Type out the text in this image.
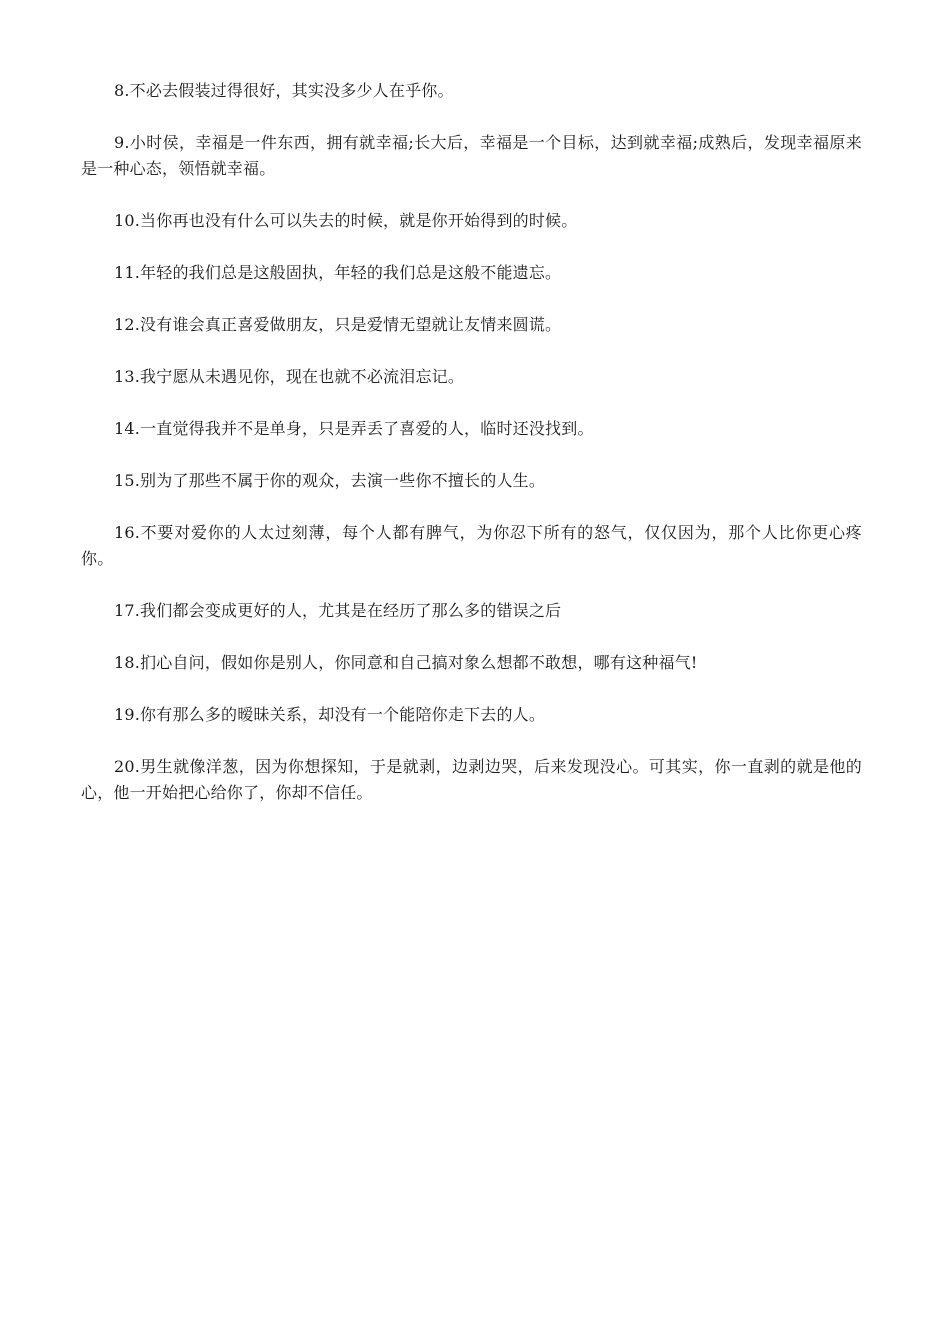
8.不必去假装过得很好，其实没多少人在乎你。

9.小时侯，幸福是一件东西，拥有就幸福;长大后，幸福是一个目标，达到就幸福;成熟后，发现幸福原来是一种心态，领悟就幸福。

10.当你再也没有什么可以失去的时候，就是你开始得到的时候。

11.年轻的我们总是这般固执，年轻的我们总是这般不能遗忘。

12.没有谁会真正喜爱做朋友，只是爱情无望就让友情来圆谎。

13.我宁愿从未遇见你，现在也就不必流泪忘记。

14.一直觉得我并不是单身，只是弄丢了喜爱的人，临时还没找到。

15.别为了那些不属于你的观众，去演一些你不擅长的人生。

16.不要对爱你的人太过刻薄，每个人都有脾气，为你忍下所有的怒气，仅仅因为，那个人比你更心疼你。

17.我们都会变成更好的人，尤其是在经历了那么多的错误之后

18.扪心自问，假如你是别人，你同意和自己搞对象么想都不敢想，哪有这种福气!

19.你有那么多的暧昧关系，却没有一个能陪你走下去的人。

20.男生就像洋葱，因为你想探知，于是就剥，边剥边哭，后来发现没心。可其实，你一直剥的就是他的心，他一开始把心给你了，你却不信任。
